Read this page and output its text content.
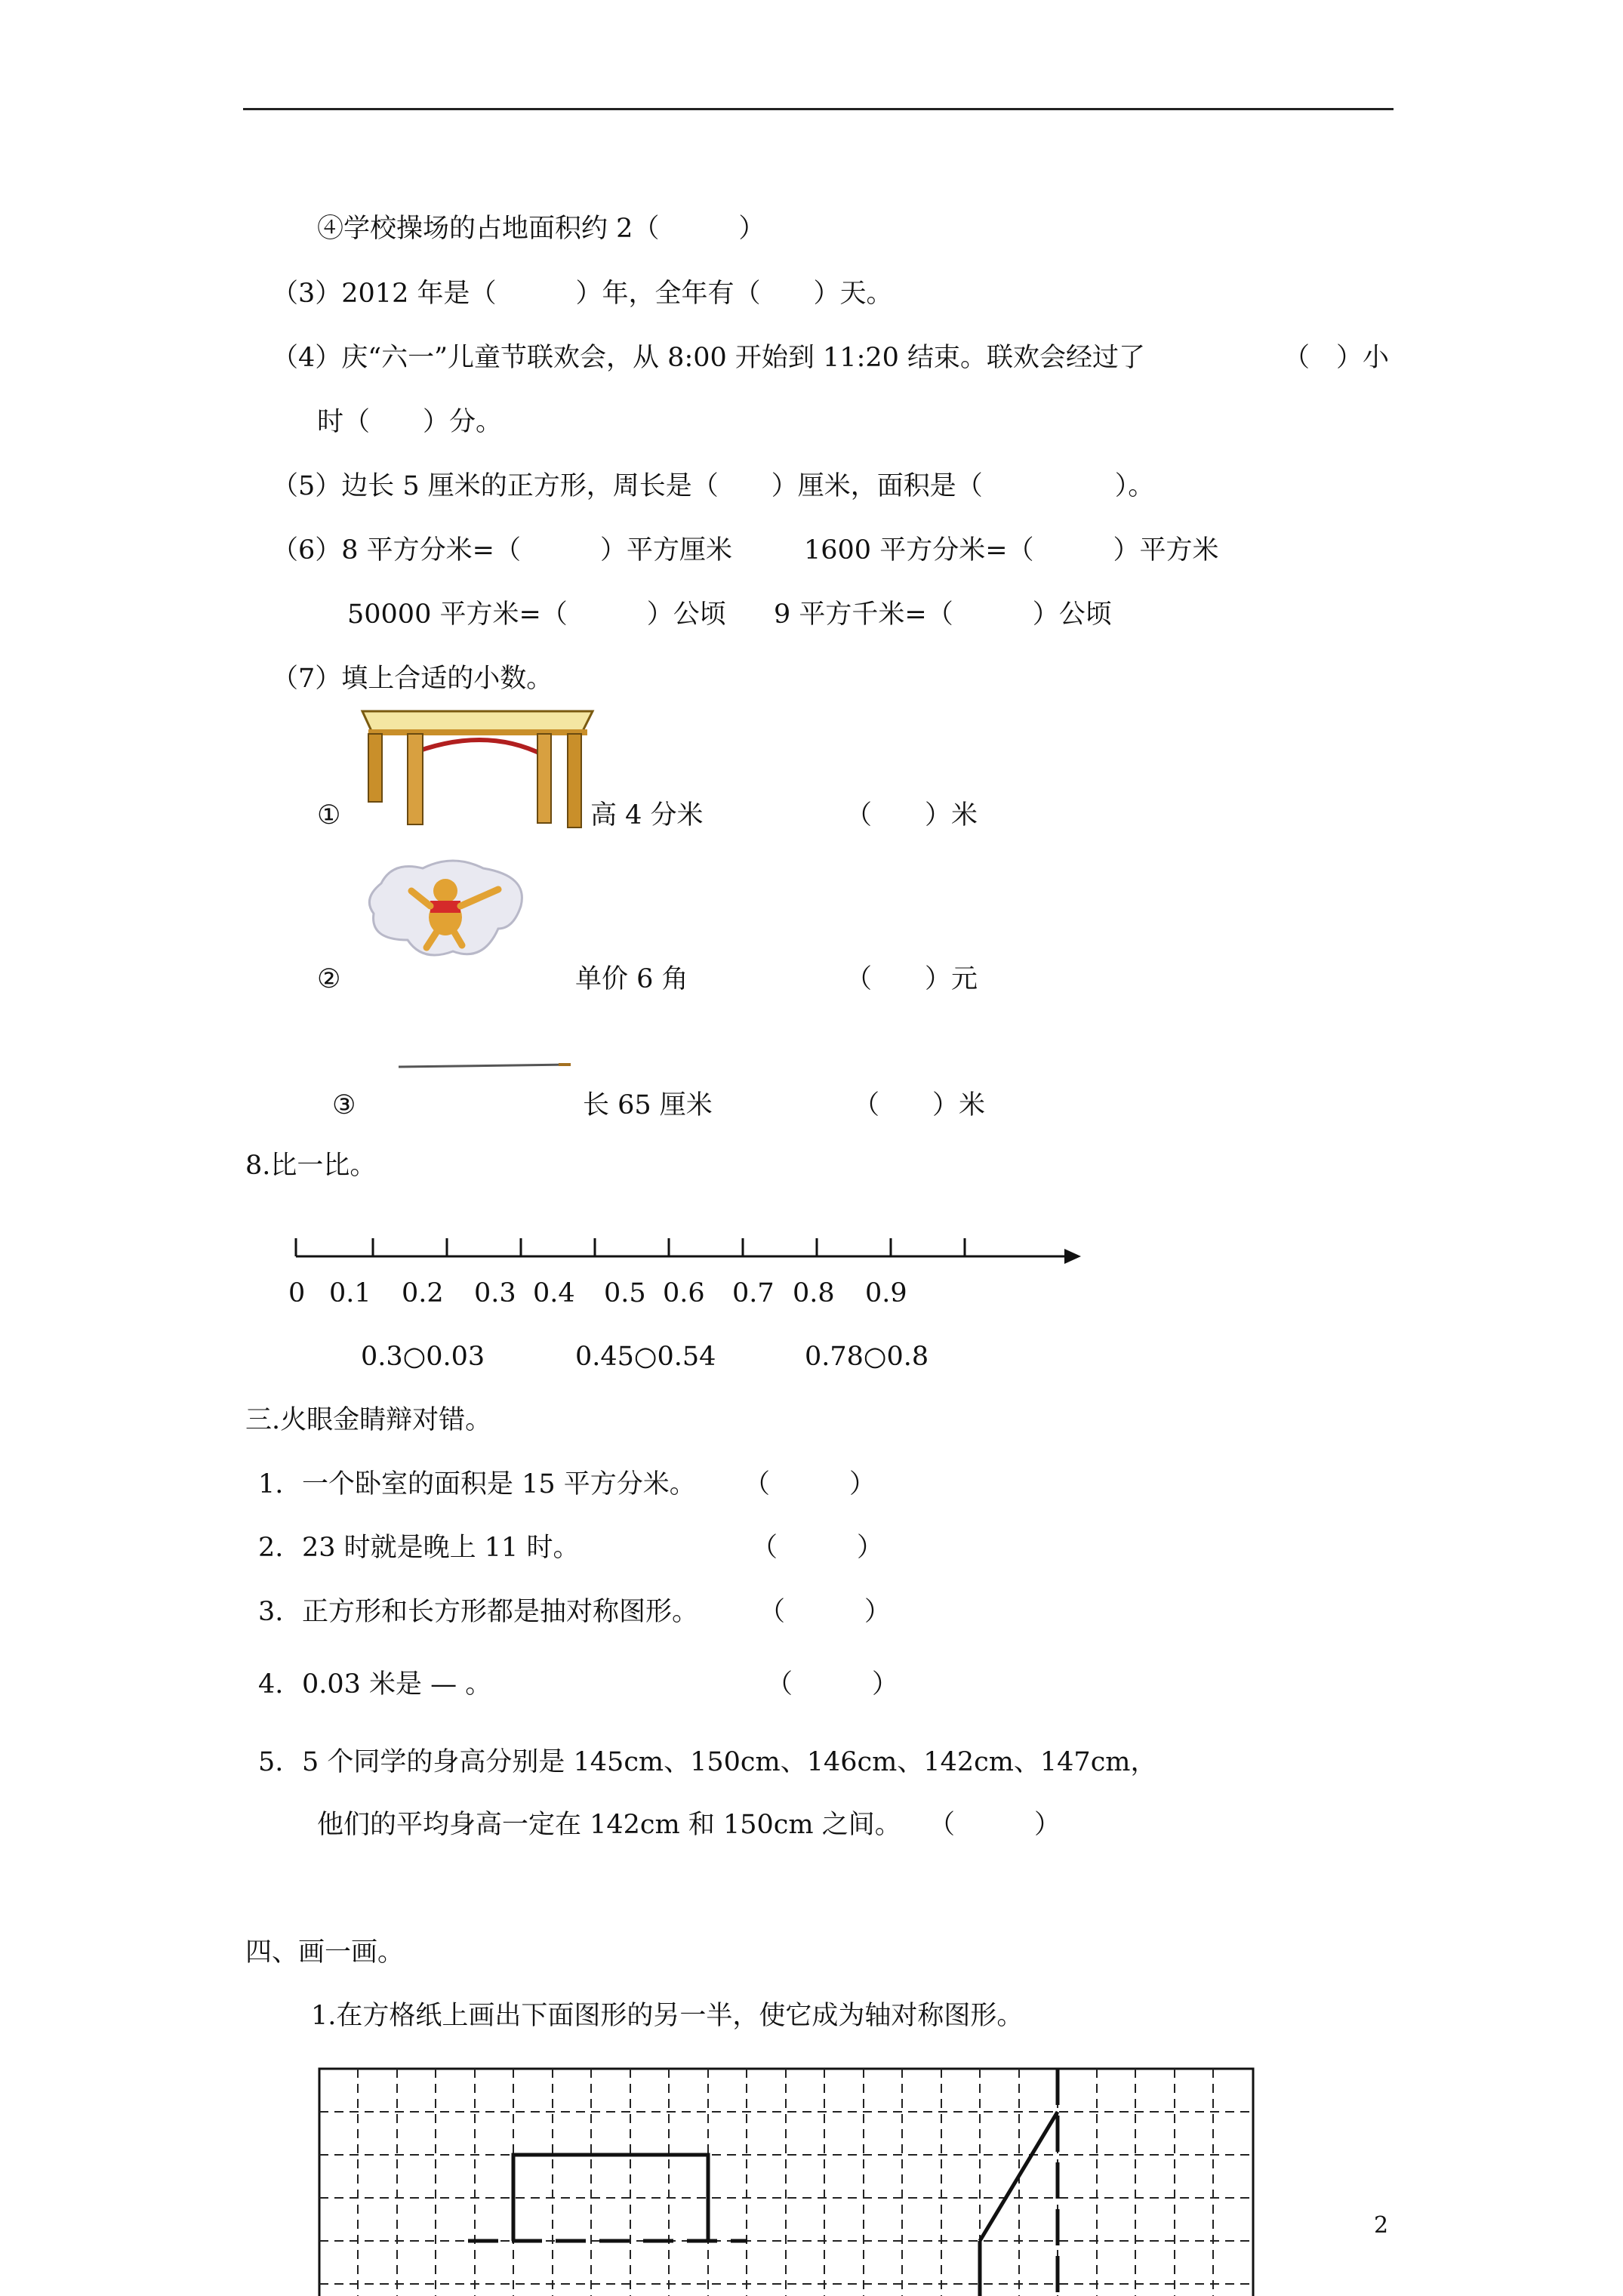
④学校操场的占地面积约 2（　　　）
（3）2012 年是（　　　）年，全年有（　　）天。
（4）庆“六一”儿童节联欢会，从 8:00 开始到 11:20 结束。联欢会经过了	（　）小
时（　　）分。
（5）边长 5 厘米的正方形，周长是（　　）厘米，面积是（　　　　　）。
（6）8 平方分米=（　　　）平方厘米	1600 平方分米=（　　　）平方米
50000 平方米=（　　　）公顷 9 平方千米=（　　　）公顷
（7）填上合适的小数。
①	高 4 分米	（　　）米
②	单价 6 角	（　　）元
③	长 65 厘米	（　　）米
8.比一比。
0 0.1 0.2 0.3 0.4 0.5 0.6 0.7 0.8 0.9
0.3○0.03	0.45○0.54	0.78○0.8
三.火眼金睛辩对错。
1. 一个卧室的面积是 15 平方分米。 （　　　）
2. 23 时就是晚上 11 时。	（　　　）
3. 正方形和长方形都是抽对称图形。 （　　　）
4. 0.03 米是 — 。	（　　　）
5. 5 个同学的身高分别是 145cm、150cm、146cm、142cm、147cm，
他们的平均身高一定在 142cm 和 150cm 之间。 （　　　）
四、画一画。
1.在方格纸上画出下面图形的另一半，使它成为轴对称图形。
2
